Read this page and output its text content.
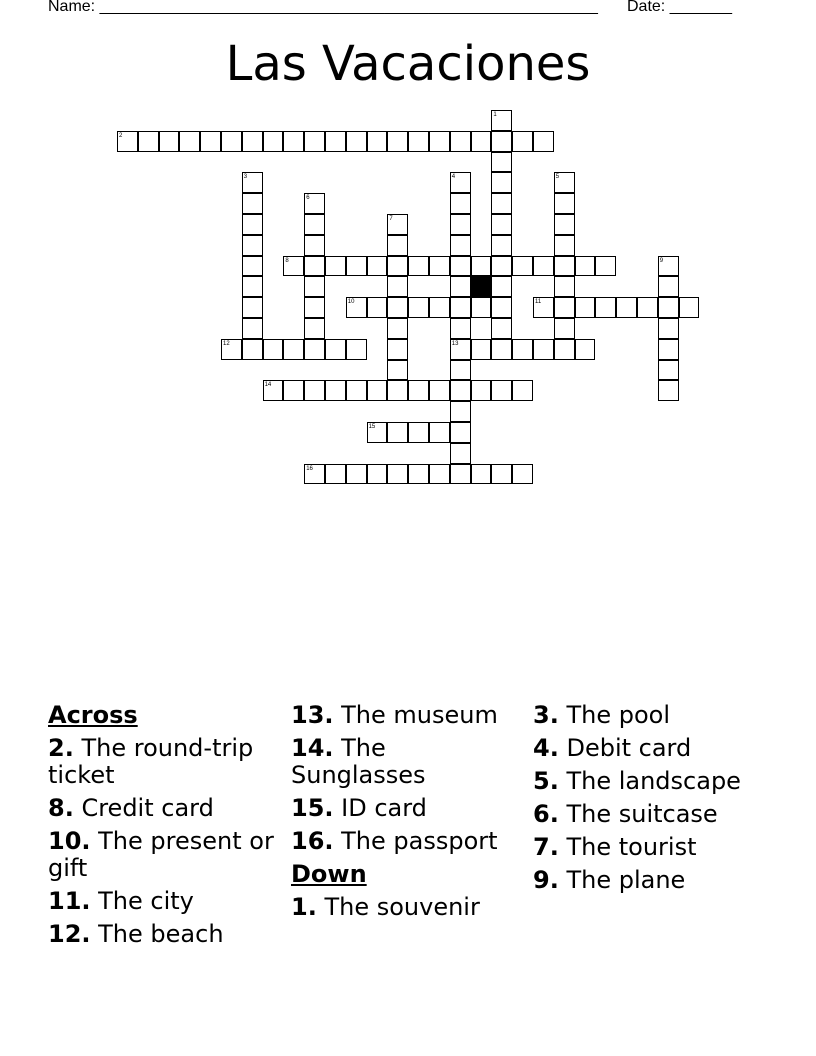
Name: ________________________________________________________ Date: _______
Las Vacaciones
2
8
10	11
12	13
14
15
16
1
3	4	5
6
7
9
Across
2. The round-trip ticket
8. Credit card
10. The present or gift
11. The city
12. The beach
13. The museum
14. The Sunglasses
15. ID card
16. The passport
Down
1. The souvenir
3. The pool
4. Debit card
5. The landscape
6. The suitcase
7. The tourist
9. The plane
